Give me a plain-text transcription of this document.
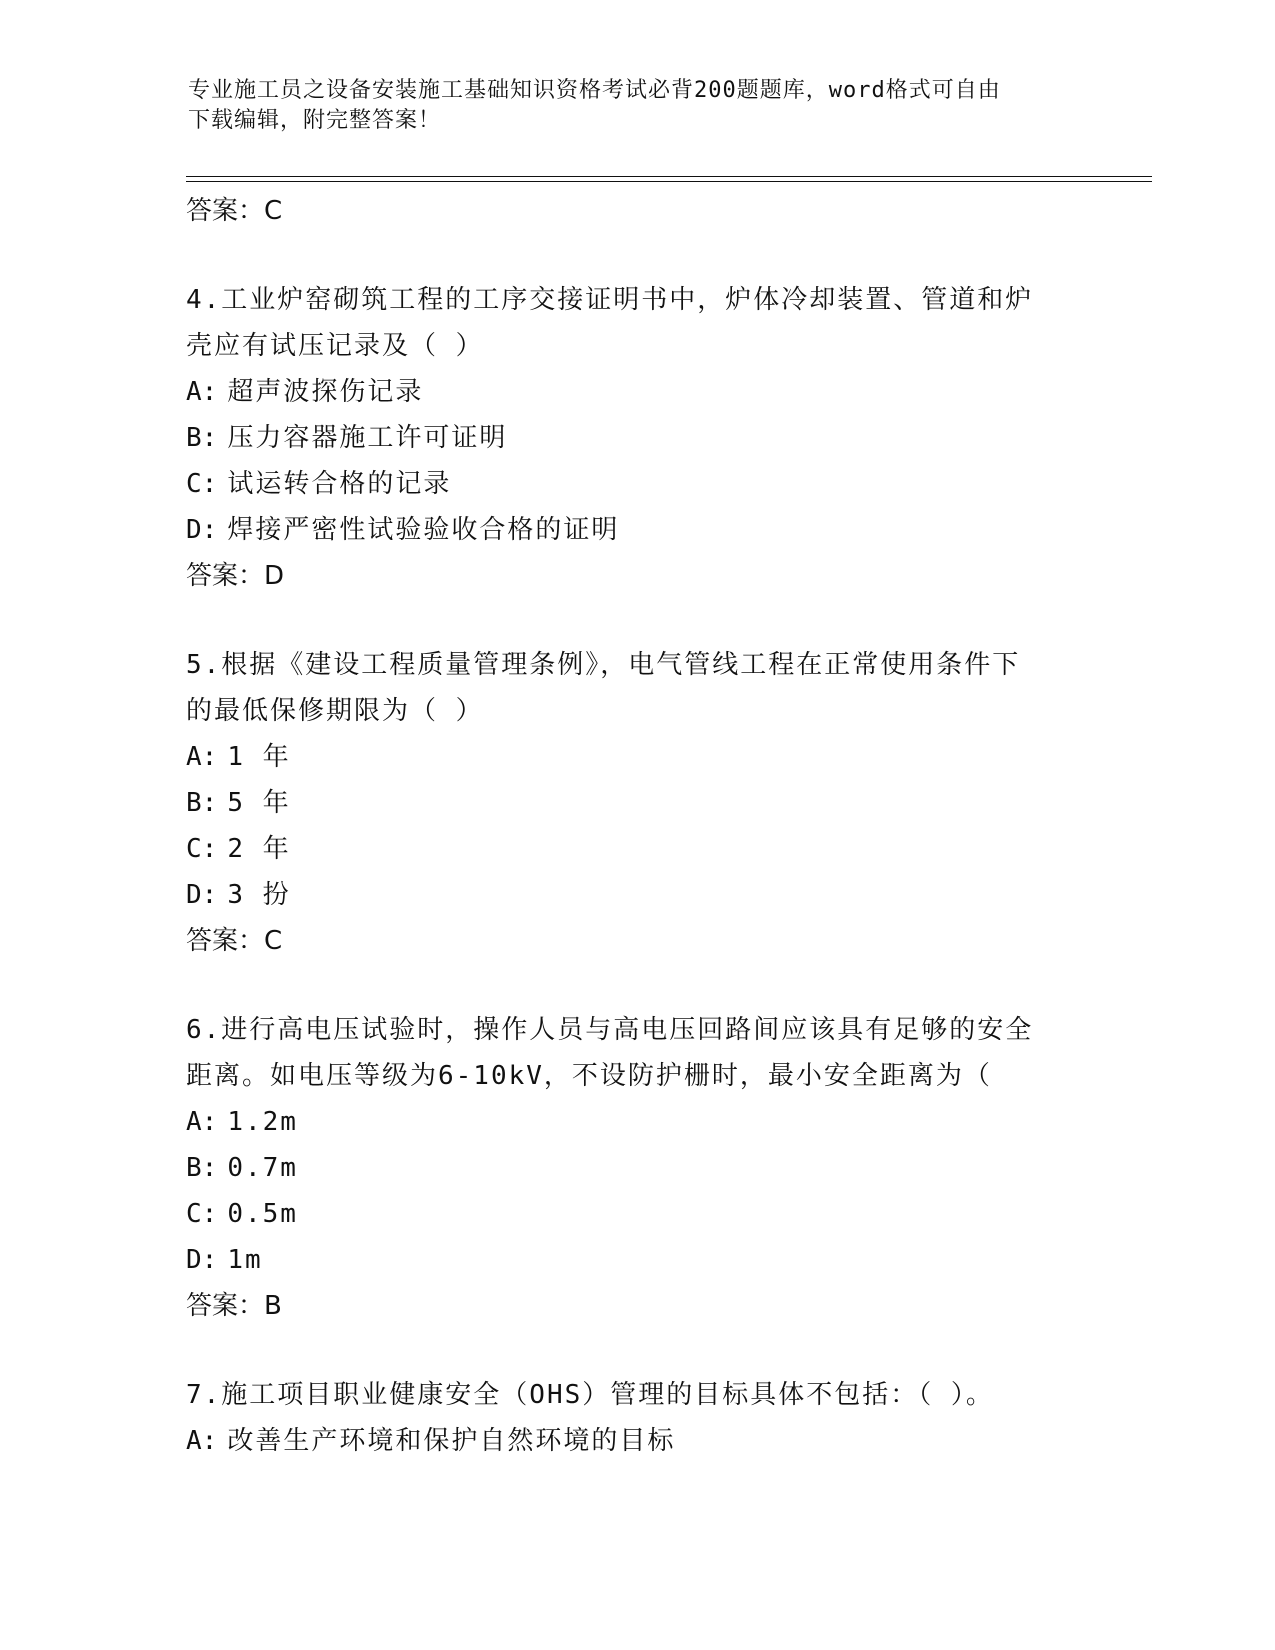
专业施工员之设备安装施工基础知识资格考试必背200题题库，word格式可自由
下载编辑，附完整答案！
答案：C
4.工业炉窑砌筑工程的工序交接证明书中，炉体冷却装置、管道和炉
壳应有试压记录及（ ）
A: 超声波探伤记录
B: 压力容器施工许可证明
C: 试运转合格的记录
D: 焊接严密性试验验收合格的证明
答案：D
5.根据《建设工程质量管理条例》，电气管线工程在正常使用条件下
的最低保修期限为（ ）
A: 1 年
B: 5 年
C: 2 年
D: 3 扮
答案：C
6.进行高电压试验时，操作人员与高电压回路间应该具有足够的安全
距离。如电压等级为6-10kV，不设防护栅时，最小安全距离为（
A: 1.2m
B: 0.7m
C: 0.5m
D: 1m
答案：B
7.施工项目职业健康安全（OHS）管理的目标具体不包括：（ ）。
A: 改善生产环境和保护自然环境的目标
